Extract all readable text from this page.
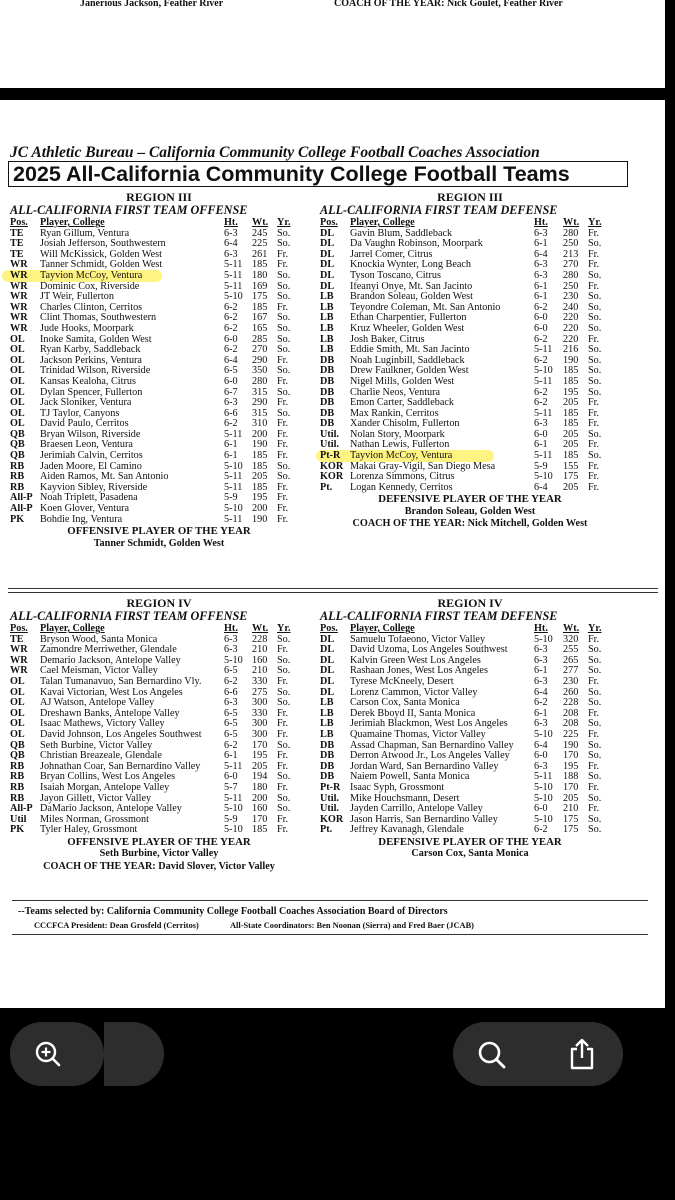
Janerious Jackson, Feather River	COACH OF THE YEAR: Nick Goulet, Feather River
JC Athletic Bureau – California Community College Football Coaches Association
2025 All-California Community College Football Teams
REGION III
ALL-CALIFORNIA FIRST TEAM OFFENSE
Pos.	Player, College	Ht.	Wt. Yr.
TE	Ryan Gillum, Ventura	6-3	245 So.
TE	Josiah Jefferson, Southwestern	6-4	225 So.
TE	Will McKissick, Golden West	6-3	261 Fr.
WR	Tanner Schmidt, Golden West	5-11 185 Fr.
WR	Tayvion McCoy, Ventura	5-11 180 So.
WR	Dominic Cox, Riverside	5-11 169 So.
WR	JT Weir, Fullerton	5-10 175 So.
WR	Charles Clinton, Cerritos	6-2	185 Fr.
WR	Clint Thomas, Southwestern	6-2	167 So.
WR	Jude Hooks, Moorpark	6-2	165 So.
OL	Inoke Samita, Golden West	6-0	285 So.
OL	Ryan Karby, Saddleback	6-2	270 So.
OL	Jackson Perkins, Ventura	6-4	290 Fr.
OL	Trinidad Wilson, Riverside	6-5	350 So.
OL	Kansas Kealoha, Citrus	6-0	280 Fr.
OL	Dylan Spencer, Fullerton	6-7	315 So.
OL	Jack Sloniker, Ventura	6-3	290 Fr.
OL	TJ Taylor, Canyons	6-6	315 So.
OL	David Paulo, Cerritos	6-2	310 Fr.
QB	Bryan Wilson, Riverside	5-11 200 Fr.
QB	Braesen Leon, Ventura	6-1	190 Fr.
QB	Jerimiah Calvin, Cerritos	6-1	185 Fr.
RB	Jaden Moore, El Camino	5-10 185 So.
RB	Aiden Ramos, Mt. San Antonio	5-11 205 So.
RB	Kayvion Sibley, Riverside	5-11 185 Fr.
All-P Noah Triplett, Pasadena	5-9	195 Fr.
All-P Koen Glover, Ventura	5-10 200 Fr.
PK	Bohdie Ing, Ventura	5-11 190 Fr.
OFFENSIVE PLAYER OF THE YEAR
Tanner Schmidt, Golden West
REGION III
ALL-CALIFORNIA FIRST TEAM DEFENSE
Pos.	Player, College	Ht.	Wt. Yr.
DL	Gavin Blum, Saddleback	6-3	280 Fr.
DL	Da Vaughn Robinson, Moorpark	6-1	250 So.
DL	Jarrel Comer, Citrus	6-4	213 Fr.
DL	Knockia Wynter, Long Beach	6-3	270 Fr.
DL	Tyson Toscano, Citrus	6-3	280 So.
DL	Ifeanyi Onye, Mt. San Jacinto	6-1	250 Fr.
LB	Brandon Soleau, Golden West	6-1	230 So.
LB	Teyondre Coleman, Mt. San Antonio	6-2	240 So.
LB	Ethan Charpentier, Fullerton	6-0	220 So.
LB	Kruz Wheeler, Golden West	6-0	220 So.
LB	Josh Baker, Citrus	6-2	220 Fr.
LB	Eddie Smith, Mt. San Jacinto	5-11	216 So.
DB	Noah Luginbill, Saddleback	6-2	190 So.
DB	Drew Faulkner, Golden West	5-10	185 So.
DB	Nigel Mills, Golden West	5-11	185 So.
DB	Charlie Neos, Ventura	6-2	195 So.
DB	Emon Carter, Saddleback	6-2	205 Fr.
DB	Max Rankin, Cerritos	5-11	185 Fr.
DB	Xander Chisolm, Fullerton	6-3	185 Fr.
Util.	Nolan Story, Moorpark	6-0	205 So.
Util.	Nathan Lewis, Fullerton	6-1	205 Fr.
Pt-R Tayvion McCoy, Ventura	5-11	185 So.
KOR Makai Gray-Vigil, San Diego Mesa	5-9	155 Fr.
KOR Lorenza Simmons, Citrus	5-10	175 Fr.
Pt.	Logan Kennedy, Cerritos	6-4	205 Fr.
DEFENSIVE PLAYER OF THE YEAR
Brandon Soleau, Golden West
COACH OF THE YEAR: Nick Mitchell, Golden West
REGION IV
ALL-CALIFORNIA FIRST TEAM OFFENSE
Pos.	Player, College	Ht.	Wt. Yr.
TE	Bryson Wood, Santa Monica	6-3	228 So.
WR	Zamondre Merriwether, Glendale	6-3	210 Fr.
WR	Demario Jackson, Antelope Valley	5-10 160 So.
WR	Cael Meisman, Victor Valley	6-5	210 So.
OL	Talan Tumanavuo, San Bernardino Vly.	6-2	330 Fr.
OL	Kavai Victorian, West Los Angeles	6-6	275 So.
OL	AJ Watson, Antelope Valley	6-3	300 So.
OL	Dreshawn Banks, Antelope Valley	6-5	330 Fr.
OL	Isaac Mathews, Victory Valley	6-5	300 Fr.
OL	David Johnson, Los Angeles Southwest	6-5	300 Fr.
QB	Seth Burbine, Victor Valley	6-2	170 So.
QB	Christian Breazeale, Glendale	6-1	195 Fr.
RB	Johnathan Coar, San Bernardino Valley	5-11 205 Fr.
RB	Bryan Collins, West Los Angeles	6-0	194 So.
RB	Isaiah Morgan, Antelope Valley	5-7	180 Fr.
RB	Jayon Gillett, Victor Valley	5-11 200 So.
All-P DaMario Jackson, Antelope Valley	5-10 160 So.
Util	Miles Norman, Grossmont	5-9	170 Fr.
PK	Tyler Haley, Grossmont	5-10 185 Fr.
OFFENSIVE PLAYER OF THE YEAR
Seth Burbine, Victor Valley
COACH OF THE YEAR: David Slover, Victor Valley
REGION IV
ALL-CALIFORNIA FIRST TEAM DEFENSE
Pos.	Player, College	Ht.	Wt. Yr.
DL	Samuelu Tofaeono, Victor Valley	5-10	320 Fr.
DL	David Uzoma, Los Angeles Southwest	6-3	255 So.
DL	Kalvin Green West Los Angeles	6-3	265 So.
DL	Rashaan Jones, West Los Angeles	6-1	277 So.
DL	Tyrese McKneely, Desert	6-3	230 Fr.
DL	Lorenz Cammon, Victor Valley	6-4	260 So.
LB	Carson Cox, Santa Monica	6-2	228 So.
LB	Derek Bboyd II, Santa Monica	6-1	208 Fr.
LB	Jerimiah Blackmon, West Los Angeles	6-3	208 So.
LB	Quamaine Thomas, Victor Valley	5-10	225 Fr.
DB	Assad Chapman, San Bernardino Valley	6-4	190 So.
DB	Derron Atwood Jr., Los Angeles Valley	6-0	170 So.
DB	Jordan Ward, San Bernardino Valley	6-3	195 Fr.
DB	Naiem Powell, Santa Monica	5-11	188 So.
Pt-R Isaac Syph, Grossmont	5-10	170 Fr.
Util.	Mike Houchsmann, Desert	5-10	205 So.
Util.	Jayden Carrillo, Antelope Valley	6-0	210 Fr.
KOR Jason Harris, San Bernardino Valley	5-10	175 So.
Pt.	Jeffrey Kavanagh, Glendale	6-2	175 So.
DEFENSIVE PLAYER OF THE YEAR
Carson Cox, Santa Monica
--Teams selected by: California Community College Football Coaches Association Board of Directors
CCCFCA President: Dean Grosfeld (Cerritos)	All-State Coordinators: Ben Noonan (Sierra) and Fred Baer (JCAB)
